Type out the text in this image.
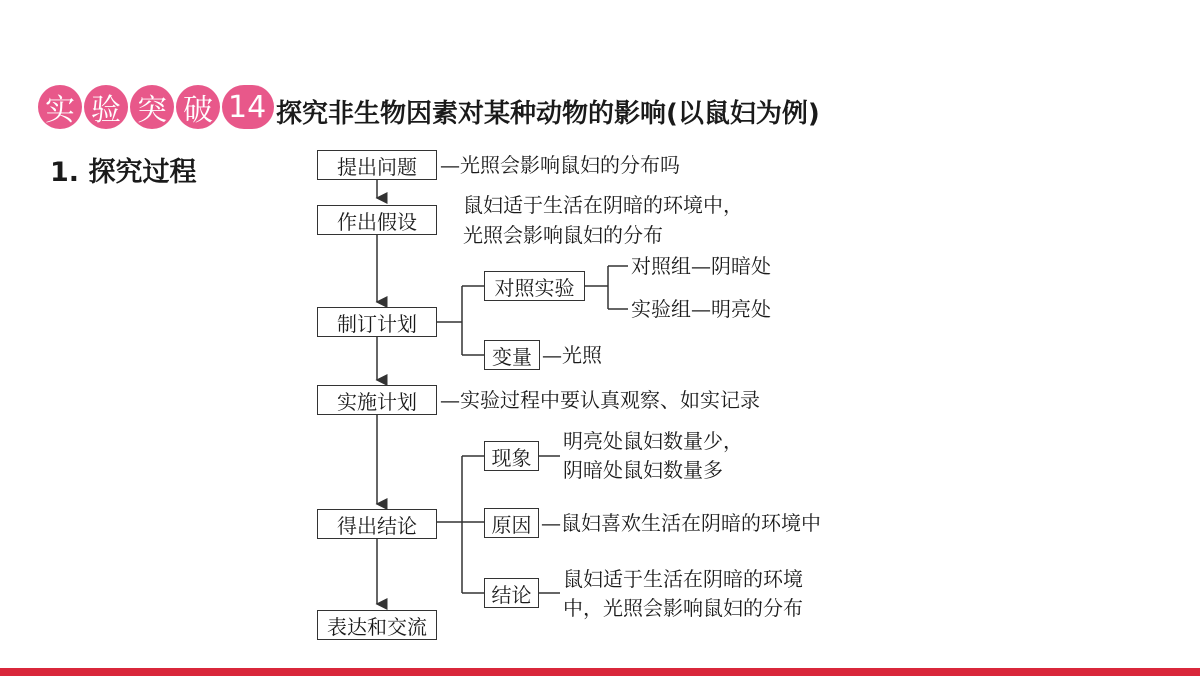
实 验 突 破 14 探究非生物因素对某种动物的影响(以鼠妇为例)
1. 探究过程	提出问题
作出假设
制订计划
实施计划
得出结论
表达和交流
对照实验
变量
现象
原因
结论
—光照会影响鼠妇的分布吗
鼠妇适于生活在阴暗的环境中，
光照会影响鼠妇的分布
对照组—阴暗处
实验组—明亮处
—光照
—实验过程中要认真观察、如实记录
明亮处鼠妇数量少，
阴暗处鼠妇数量多
—鼠妇喜欢生活在阴暗的环境中
鼠妇适于生活在阴暗的环境
中，光照会影响鼠妇的分布
